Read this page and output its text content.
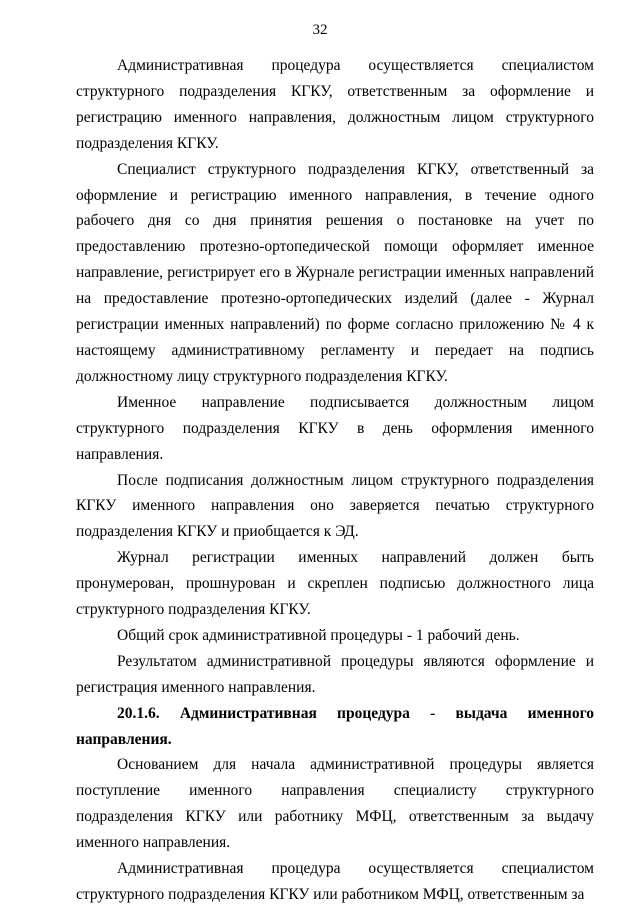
32

Административная процедура осуществляется специалистом структурного подразделения КГКУ, ответственным за оформление и регистрацию именного направления, должностным лицом структурного подразделения КГКУ.

Специалист структурного подразделения КГКУ, ответственный за оформление и регистрацию именного направления, в течение одного рабочего дня со дня принятия решения о постановке на учет по предоставлению протезно-ортопедической помощи оформляет именное направление, регистрирует его в Журнале регистрации именных направлений на предоставление протезно-ортопедических изделий (далее - Журнал регистрации именных направлений) по форме согласно приложению № 4 к настоящему административному регламенту и передает на подпись должностному лицу структурного подразделения КГКУ.

Именное направление подписывается должностным лицом структурного подразделения КГКУ в день оформления именного направления.

После подписания должностным лицом структурного подразделения КГКУ именного направления оно заверяется печатью структурного подразделения КГКУ и приобщается к ЭД.

Журнал регистрации именных направлений должен быть пронумерован, прошнурован и скреплен подписью должностного лица структурного подразделения КГКУ.

Общий срок административной процедуры - 1 рабочий день.

Результатом административной процедуры являются оформление и регистрация именного направления.

20.1.6. Административная процедура - выдача именного направления.

Основанием для начала административной процедуры является поступление именного направления специалисту структурного подразделения КГКУ или работнику МФЦ, ответственным за выдачу именного направления.

Административная процедура осуществляется специалистом структурного подразделения КГКУ или работником МФЦ, ответственным за
